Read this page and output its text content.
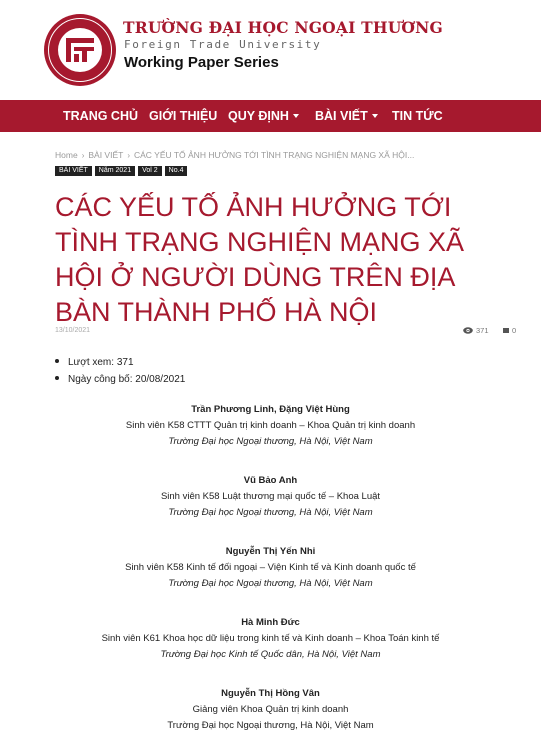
TRƯỜNG ĐẠI HỌC NGOẠI THƯƠNG
Foreign Trade University
Working Paper Series
TRANG CHỦ GIỚI THIỆU QUY ĐỊNH	BÀI VIẾT	TIN TỨC
Home › BÀI VIẾT › CÁC YẾU TỐ ẢNH HƯỞNG TỚI TÌNH TRẠNG NGHIỆN MẠNG XÃ HỘI...
BÀI VIẾT	Năm 2021	Vol 2	No.4
CÁC YẾU TỐ ẢNH HƯỞNG TỚI TÌNH TRẠNG NGHIỆN MẠNG XÃ HỘI Ở NGƯỜI DÙNG TRÊN ĐỊA BÀN THÀNH PHỐ HÀ NỘI
13/10/2021	371	0
Lượt xem: 371
Ngày công bố: 20/08/2021
Trần Phương Linh, Đặng Việt Hùng
Sinh viên K58 CTTT Quản trị kinh doanh – Khoa Quản trị kinh doanh
Trường Đại học Ngoại thương, Hà Nội, Việt Nam
Vũ Bảo Anh
Sinh viên K58 Luật thương mại quốc tế – Khoa Luật
Trường Đại học Ngoại thương, Hà Nội, Việt Nam
Nguyễn Thị Yến Nhi
Sinh viên K58 Kinh tế đối ngoại – Viện Kinh tế và Kinh doanh quốc tế
Trường Đại học Ngoại thương, Hà Nội, Việt Nam
Hà Minh Đức
Sinh viên K61 Khoa học dữ liệu trong kinh tế và Kinh doanh – Khoa Toán kinh tế
Trường Đại học Kinh tế Quốc dân, Hà Nội, Việt Nam
Nguyễn Thị Hồng Vân
Giảng viên Khoa Quản trị kinh doanh
Trường Đại học Ngoại thương, Hà Nội, Việt Nam
